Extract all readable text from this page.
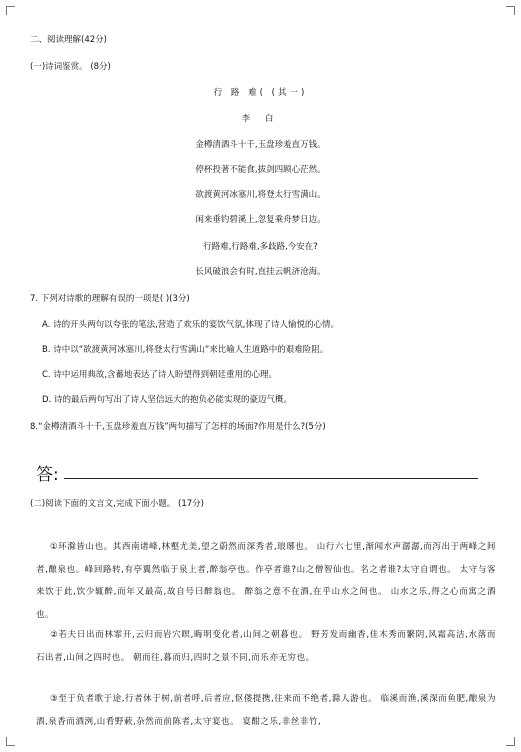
二、阅读理解(42分)
(一)诗词鉴赏。 (8分)
行 路 难( (其一)
李 白
金樽清酒斗十千,玉盘珍羞直万钱。
停杯投著不能食,拔剑四顾心茫然。
欲渡黄河冰塞川,将登太行雪满山。
闲来垂钓碧溪上,忽复乘舟梦日边。
行路难,行路难,多歧路,今安在?
长风破浪会有时,直挂云帆济沧海。
7. 下列对诗歌的理解有误的一项是( )(3分)
A. 诗的开头两句以夸张的笔法,营造了欢乐的宴饮气氛,体现了诗人愉悦的心情。
B. 诗中以“欲渡黄河冰塞川,将登太行雪满山”来比喻人生道路中的艰难险阻。
C. 诗中运用典故,含蓄地表达了诗人盼望得到朝廷重用的心理。
D. 诗的最后两句写出了诗人坚信远大的抱负必能实现的豪迈气概。
8.“金樽清酒斗十千,玉盘珍羞直万钱”两句描写了怎样的场面?作用是什么?(5分)
答:
(二)阅读下面的文言文,完成下面小题。 (17分)
①环滁皆山也。其西南诸峰,林壑尤美,望之蔚然而深秀者,琅琊也。 山行六七里,渐闻水声潺潺,而泻出于两峰之间者,酿泉也。峰回路转,有亭翼然临于泉上者,醉翁亭也。作亭者谁?山之僧智仙也。名之者谁?太守自谓也。 太守与客来饮于此,饮少辄醉,而年又最高,故自号曰醉翁也。 醉翁之意不在酒,在乎山水之间也。 山水之乐,得之心而寓之酒也。
②若夫日出而林霏开,云归而岩穴暝,晦明变化者,山间之朝暮也。 野芳发而幽香,佳木秀而繁阴,风霜高洁,水落而石出者,山间之四时也。 朝而往,暮而归,四时之景不同,而乐亦无穷也。
③至于负者歌于途,行者休于树,前者呼,后者应,伛偻提携,往来而不绝者,滁人游也。 临溪而渔,溪深而鱼肥,酿泉为酒,泉香而酒洌,山肴野蔌,杂然而前陈者,太守宴也。 宴酣之乐,非丝非竹,
